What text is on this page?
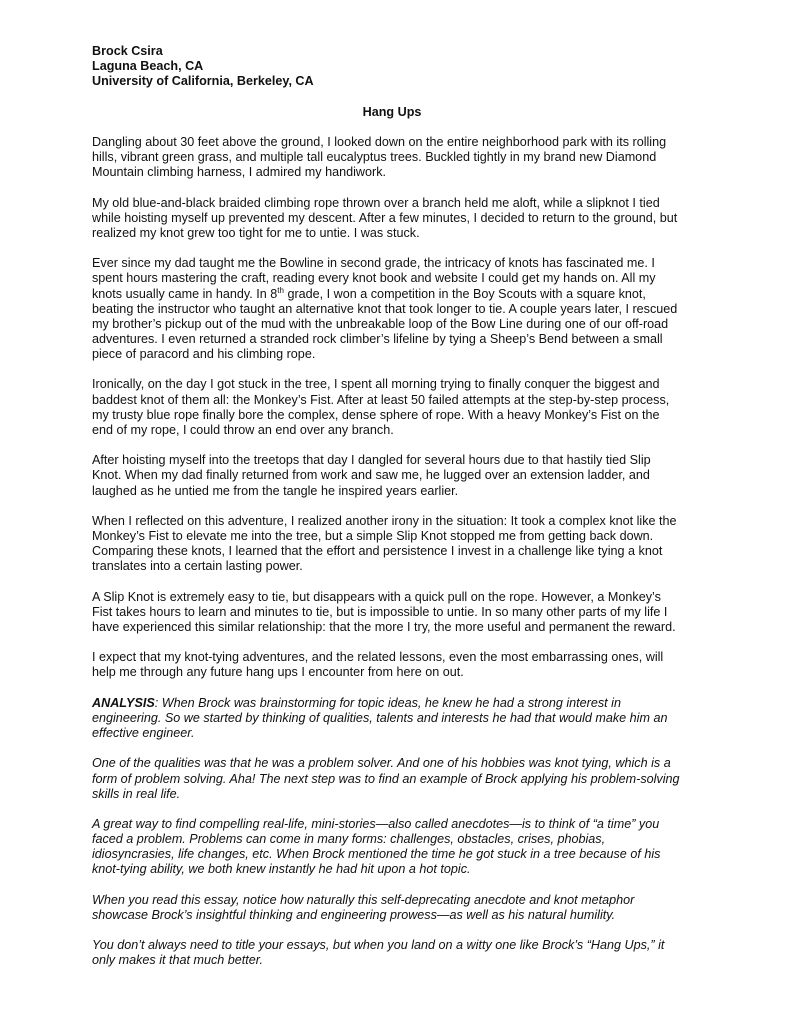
Brock Csira
Laguna Beach, CA
University of California, Berkeley, CA
Hang Ups
Dangling about 30 feet above the ground, I looked down on the entire neighborhood park with its rolling
hills, vibrant green grass, and multiple tall eucalyptus trees. Buckled tightly in my brand new Diamond
Mountain climbing harness, I admired my handiwork.
My old blue-and-black braided climbing rope thrown over a branch held me aloft, while a slipknot I tied
while hoisting myself up prevented my descent. After a few minutes, I decided to return to the ground, but
realized my knot grew too tight for me to untie. I was stuck.
Ever since my dad taught me the Bowline in second grade, the intricacy of knots has fascinated me. I
spent hours mastering the craft, reading every knot book and website I could get my hands on. All my
knots usually came in handy. In 8th grade, I won a competition in the Boy Scouts with a square knot,
beating the instructor who taught an alternative knot that took longer to tie. A couple years later, I rescued
my brother’s pickup out of the mud with the unbreakable loop of the Bow Line during one of our off-road
adventures. I even returned a stranded rock climber’s lifeline by tying a Sheep’s Bend between a small
piece of paracord and his climbing rope.
Ironically, on the day I got stuck in the tree, I spent all morning trying to finally conquer the biggest and
baddest knot of them all: the Monkey’s Fist. After at least 50 failed attempts at the step-by-step process,
my trusty blue rope finally bore the complex, dense sphere of rope. With a heavy Monkey’s Fist on the
end of my rope, I could throw an end over any branch.
After hoisting myself into the treetops that day I dangled for several hours due to that hastily tied Slip
Knot. When my dad finally returned from work and saw me, he lugged over an extension ladder, and
laughed as he untied me from the tangle he inspired years earlier.
When I reflected on this adventure, I realized another irony in the situation: It took a complex knot like the
Monkey’s Fist to elevate me into the tree, but a simple Slip Knot stopped me from getting back down.
Comparing these knots, I learned that the effort and persistence I invest in a challenge like tying a knot
translates into a certain lasting power.
A Slip Knot is extremely easy to tie, but disappears with a quick pull on the rope. However, a Monkey’s
Fist takes hours to learn and minutes to tie, but is impossible to untie. In so many other parts of my life I
have experienced this similar relationship: that the more I try, the more useful and permanent the reward.
I expect that my knot-tying adventures, and the related lessons, even the most embarrassing ones, will
help me through any future hang ups I encounter from here on out.
ANALYSIS: When Brock was brainstorming for topic ideas, he knew he had a strong interest in
engineering. So we started by thinking of qualities, talents and interests he had that would make him an
effective engineer.
One of the qualities was that he was a problem solver. And one of his hobbies was knot tying, which is a
form of problem solving. Aha! The next step was to find an example of Brock applying his problem-solving
skills in real life.
A great way to find compelling real-life, mini-stories—also called anecdotes—is to think of “a time” you
faced a problem. Problems can come in many forms: challenges, obstacles, crises, phobias,
idiosyncrasies, life changes, etc. When Brock mentioned the time he got stuck in a tree because of his
knot-tying ability, we both knew instantly he had hit upon a hot topic.
When you read this essay, notice how naturally this self-deprecating anecdote and knot metaphor
showcase Brock’s insightful thinking and engineering prowess—as well as his natural humility.
You don’t always need to title your essays, but when you land on a witty one like Brock’s “Hang Ups,” it
only makes it that much better.
